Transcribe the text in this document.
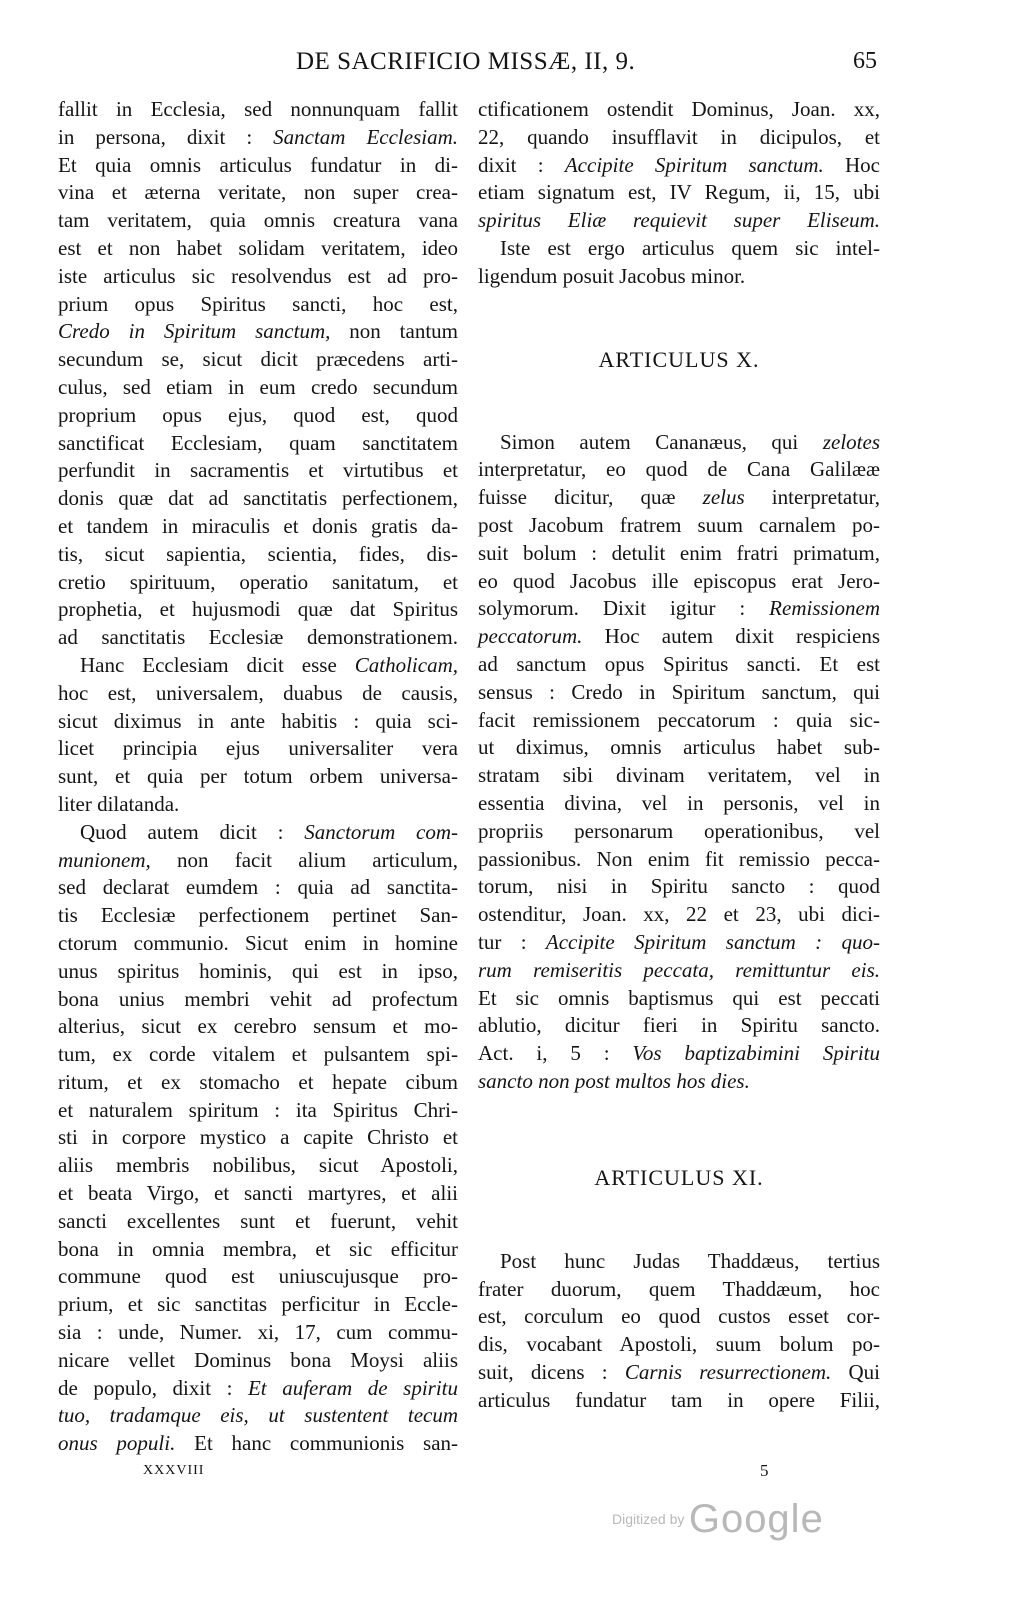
DE SACRIFICIO MISSÆ, II, 9.	65
fallit in Ecclesia, sed nonnunquam fallit
in persona, dixit : Sanctam Ecclesiam.
Et quia omnis articulus fundatur in di-
vina et æterna veritate, non super crea-
tam veritatem, quia omnis creatura vana
est et non habet solidam veritatem, ideo
iste articulus sic resolvendus est ad pro-
prium opus Spiritus sancti, hoc est,
Credo in Spiritum sanctum, non tantum
secundum se, sicut dicit præcedens arti-
culus, sed etiam in eum credo secundum
proprium opus ejus, quod est, quod
sanctificat Ecclesiam, quam sanctitatem
perfundit in sacramentis et virtutibus et
donis quæ dat ad sanctitatis perfectionem,
et tandem in miraculis et donis gratis da-
tis, sicut sapientia, scientia, fides, dis-
cretio spirituum, operatio sanitatum, et
prophetia, et hujusmodi quæ dat Spiritus
ad sanctitatis Ecclesiæ demonstrationem.
Hanc Ecclesiam dicit esse Catholicam,
hoc est, universalem, duabus de causis,
sicut diximus in ante habitis : quia sci-
licet principia ejus universaliter vera
sunt, et quia per totum orbem universa-
liter dilatanda.
Quod autem dicit : Sanctorum com-
munionem, non facit alium articulum,
sed declarat eumdem : quia ad sanctita-
tis Ecclesiæ perfectionem pertinet San-
ctorum communio. Sicut enim in homine
unus spiritus hominis, qui est in ipso,
bona unius membri vehit ad profectum
alterius, sicut ex cerebro sensum et mo-
tum, ex corde vitalem et pulsantem spi-
ritum, et ex stomacho et hepate cibum
et naturalem spiritum : ita Spiritus Chri-
sti in corpore mystico a capite Christo et
aliis membris nobilibus, sicut Apostoli,
et beata Virgo, et sancti martyres, et alii
sancti excellentes sunt et fuerunt, vehit
bona in omnia membra, et sic efficitur
commune quod est uniuscujusque pro-
prium, et sic sanctitas perficitur in Eccle-
sia : unde, Numer. xi, 17, cum commu-
nicare vellet Dominus bona Moysi aliis
de populo, dixit : Et auferam de spiritu
tuo, tradamque eis, ut sustentent tecum
onus populi. Et hanc communionis san-
ctificationem ostendit Dominus, Joan. xx,
22, quando insufflavit in dicipulos, et
dixit : Accipite Spiritum sanctum. Hoc
etiam signatum est, IV Regum, ii, 15, ubi
spiritus Eliæ requievit super Eliseum.
Iste est ergo articulus quem sic intel-
ligendum posuit Jacobus minor.
ARTICULUS X.
Simon autem Cananæus, qui zelotes
interpretatur, eo quod de Cana Galilææ
fuisse dicitur, quæ zelus interpretatur,
post Jacobum fratrem suum carnalem po-
suit bolum : detulit enim fratri primatum,
eo quod Jacobus ille episcopus erat Jero-
solymorum. Dixit igitur : Remissionem
peccatorum. Hoc autem dixit respiciens
ad sanctum opus Spiritus sancti. Et est
sensus : Credo in Spiritum sanctum, qui
facit remissionem peccatorum : quia sic-
ut diximus, omnis articulus habet sub-
stratam sibi divinam veritatem, vel in
essentia divina, vel in personis, vel in
propriis personarum operationibus, vel
passionibus. Non enim fit remissio pecca-
torum, nisi in Spiritu sancto : quod
ostenditur, Joan. xx, 22 et 23, ubi dici-
tur : Accipite Spiritum sanctum : quo-
rum remiseritis peccata, remittuntur eis.
Et sic omnis baptismus qui est peccati
ablutio, dicitur fieri in Spiritu sancto.
Act. i, 5 : Vos baptizabimini Spiritu
sancto non post multos hos dies.
ARTICULUS XI.
Post hunc Judas Thaddæus, tertius
frater duorum, quem Thaddæum, hoc
est, corculum eo quod custos esset cor-
dis, vocabant Apostoli, suum bolum po-
suit, dicens : Carnis resurrectionem. Qui
articulus fundatur tam in opere Filii,
XXXVIII	5
Digitized by Google
